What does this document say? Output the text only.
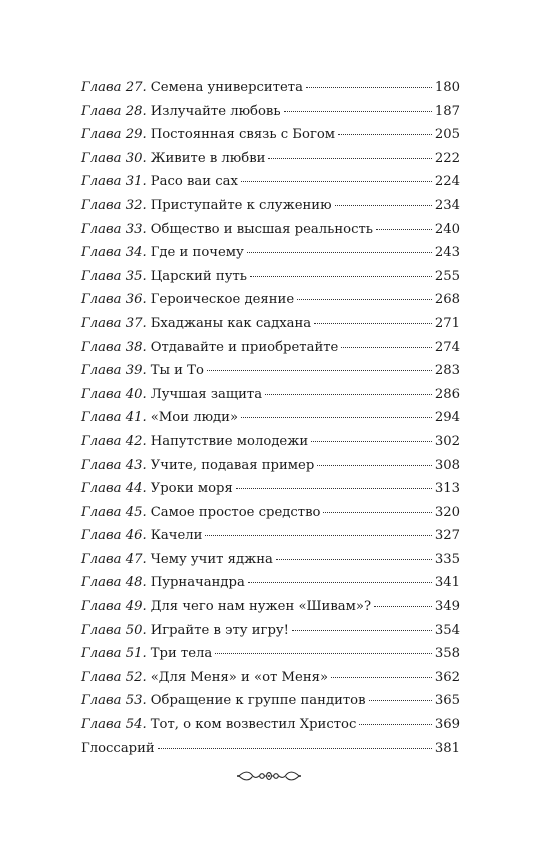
Глава 27. Семена университета	180
Глава 28. Излучайте любовь	187
Глава 29. Постоянная связь с Богом	205
Глава 30. Живите в любви	222
Глава 31. Расо ваи сах	224
Глава 32. Приступайте к служению	234
Глава 33. Общество и высшая реальность	240
Глава 34. Где и почему	243
Глава 35. Царский путь	255
Глава 36. Героическое деяние	268
Глава 37. Бхаджаны как садхана	271
Глава 38. Отдавайте и приобретайте	274
Глава 39. Ты и То	283
Глава 40. Лучшая защита	286
Глава 41. «Мои люди»	294
Глава 42. Напутствие молодежи	302
Глава 43. Учите, подавая пример	308
Глава 44. Уроки моря	313
Глава 45. Самое простое средство	320
Глава 46. Качели	327
Глава 47. Чему учит яджна	335
Глава 48. Пурначандра	341
Глава 49. Для чего нам нужен «Шивам»?	349
Глава 50. Играйте в эту игру!	354
Глава 51. Три тела	358
Глава 52. «Для Меня» и «от Меня»	362
Глава 53. Обращение к группе пандитов	365
Глава 54. Тот, о ком возвестил Христос	369
Глоссарий	381
